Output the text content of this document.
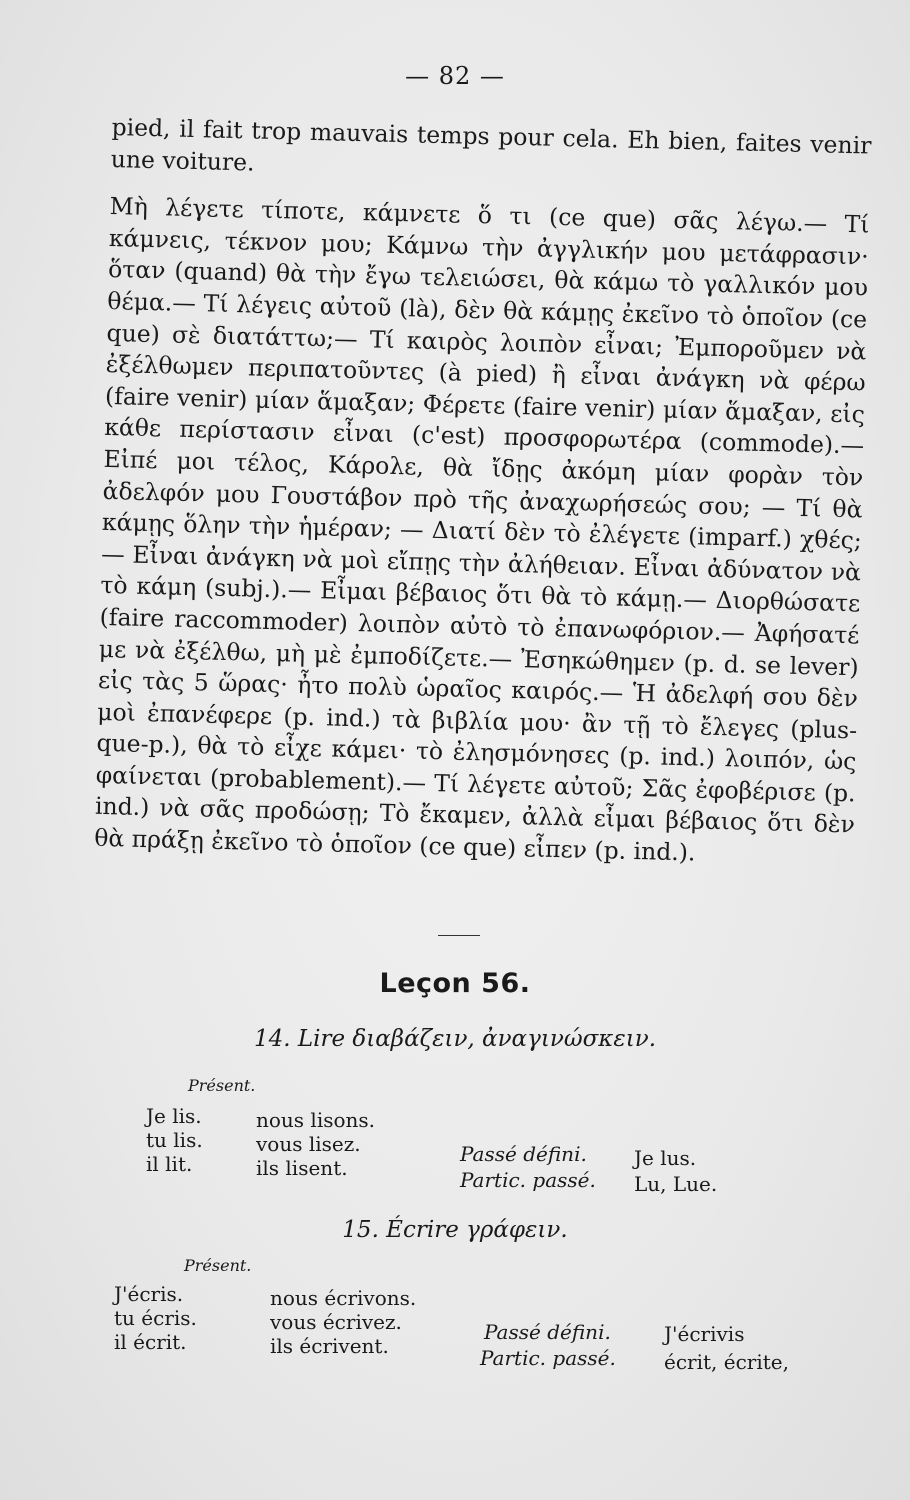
— 82 —

pied, il fait trop mauvais temps pour cela. Eh bien, faites venir une voiture.

Μὴ λέγετε τίποτε, κάμνετε ὅ τι (ce que) σᾶς λέγω.— Τί κάμνεις, τέκνον μου; Κάμνω τὴν ἀγγλικήν μου μετάφρασιν· ὅταν (quand) θὰ τὴν ἔγω τελειώσει, θὰ κάμω τὸ γαλλικόν μου θέμα.— Τί λέγεις αὐτοῦ (là), δὲν θὰ κάμῃς ἐκεῖνο τὸ ὁποῖον (ce que) σὲ διατάττω;— Τί καιρὸς λοιπὸν εἶναι; Ἐμποροῦμεν νὰ ἐξέλθωμεν περιπατοῦντες (à pied) ἢ εἶναι ἀνάγκη νὰ φέρω (faire venir) μίαν ἅμαξαν; Φέρετε (faire venir) μίαν ἅμαξαν, εἰς κάθε περίστασιν εἶναι (c'est) προσφορωτέρα (commode).— Εἰπέ μοι τέλος, Κάρολε, θὰ ἴδῃς ἀκόμη μίαν φορὰν τὸν ἀδελφόν μου Γουστάβον πρὸ τῆς ἀναχωρήσεώς σου; — Τί θὰ κάμῃς ὅλην τὴν ἡμέραν; — Διατί δὲν τὸ ἐλέγετε (imparf.) χθές; — Εἶναι ἀνάγκη νὰ μοὶ εἴπῃς τὴν ἀλήθειαν. Εἶναι ἀδύνατον νὰ τὸ κάμη (subj.).— Εἶμαι βέβαιος ὅτι θὰ τὸ κάμῃ.— Διορθώσατε (faire raccommoder) λοιπὸν αὐτὸ τὸ ἐπανωφόριον.— Ἀφήσατέ με νὰ ἐξέλθω, μὴ μὲ ἐμποδίζετε.— Ἐσηκώθημεν (p. d. se lever) εἰς τὰς 5 ὥρας· ἦτο πολὺ ὡραῖος καιρός.— Ἡ ἀδελφή σου δὲν μοὶ ἐπανέφερε (p. ind.) τὰ βιβλία μου· ἂν τῇ τὸ ἔλεγες (plus-que-p.), θὰ τὸ εἶχε κάμει· τὸ ἐλησμόνησες (p. ind.) λοιπόν, ὡς φαίνεται (probablement).— Τί λέγετε αὐτοῦ; Σᾶς ἐφοβέρισε (p. ind.) νὰ σᾶς προδώσῃ; Τὸ ἔκαμεν, ἀλλὰ εἶμαι βέβαιος ὅτι δὲν θὰ πράξῃ ἐκεῖνο τὸ ὁποῖον (ce que) εἶπεν (p. ind.).

Leçon 56.
14. Lire διαβάζειν, ἀναγινώσκειν.
Présent.
Je lis.
tu lis.
il lit.
nous lisons.
vous lisez.
ils lisent.
Passé défini. Je lus.
Partic. passé. Lu, Lue.
15. Écrire γράφειν.
Présent.
J'écris.
tu écris.
il écrit.
nous écrivons.
vous écrivez.
ils écrivent.
Passé défini.	J'écrivis
Partic. passé. écrit, écrite,
